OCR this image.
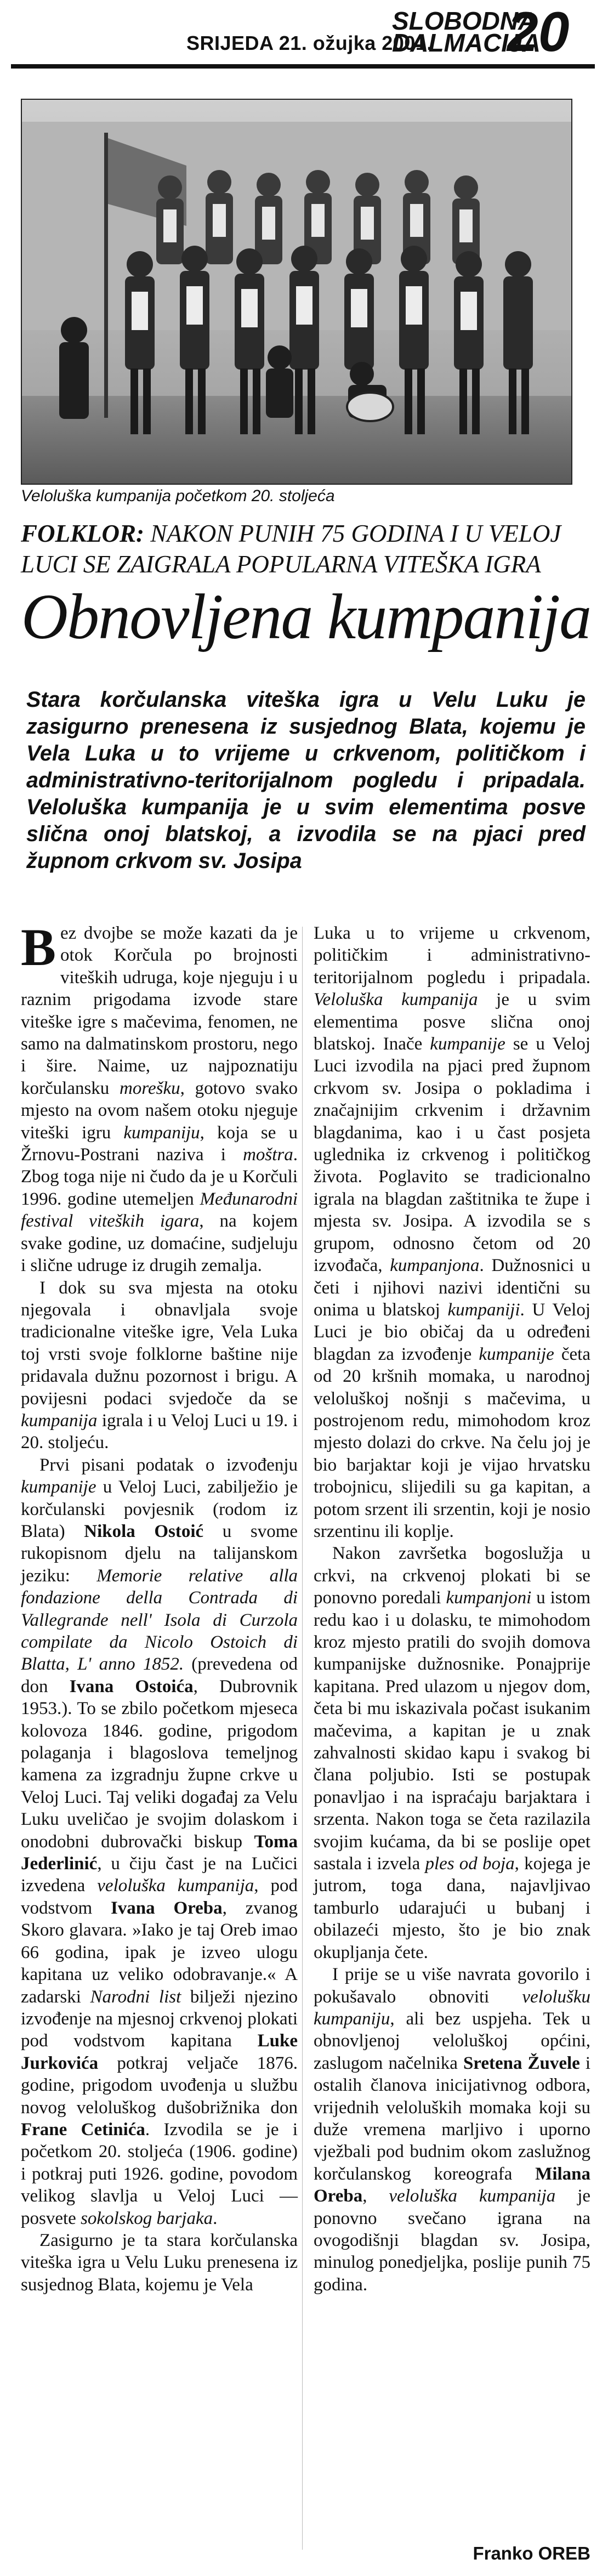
SRIJEDA 21. ožujka 2001.
SLOBODNA
DALMACIJA
20
Veloluška kumpanija početkom 20. stoljeća
FOLKLOR: NAKON PUNIH 75 GODINA I U VELOJ LUCI SE ZAIGRALA POPULARNA VITEŠKA IGRA
Obnovljena kumpanija
Stara korčulanska viteška igra u Velu Luku je zasigurno prenesena iz susjednog Blata, kojemu je Vela Luka u to vrijeme u crkvenom, političkom i administrativno-teritorijalnom pogledu i pripadala. Veloluška kumpanija je u svim elementima posve slična onoj blatskoj, a izvodila se na pjaci pred župnom crkvom sv. Josipa

Bez dvojbe se može kazati da je otok Korčula po brojnosti viteških udruga, koje njeguju i u raznim prigodama izvode stare viteške igre s mačevima, fenomen, ne samo na dalmatinskom prostoru, nego i šire. Naime, uz najpoznatiju korčulansku morešku, gotovo svako mjesto na ovom našem otoku njeguje viteški igru kumpaniju, koja se u Žrnovu-Postrani naziva i moštra. Zbog toga nije ni čudo da je u Korčuli 1996. godine utemeljen Međunarodni festival viteških igara, na kojem svake godine, uz domaćine, sudjeluju i slične udruge iz drugih zemalja.

I dok su sva mjesta na otoku njegovala i obnavljala svoje tradicionalne viteške igre, Vela Luka toj vrsti svoje folklorne baštine nije pridavala dužnu pozornost i brigu. A povijesni podaci svjedoče da se kumpanija igrala i u Veloj Luci u 19. i 20. stoljeću.

Prvi pisani podatak o izvođenju kumpanije u Veloj Luci, zabilježio je korčulanski povjesnik (rodom iz Blata) Nikola Ostoić u svome rukopisnom djelu na talijanskom jeziku: Memorie relative alla fondazione della Contrada di Vallegrande nell' Isola di Curzola compilate da Nicolo Ostoich di Blatta, L' anno 1852. (prevedena od don Ivana Ostoića, Dubrovnik 1953.). To se zbilo početkom mjeseca kolovoza 1846. godine, prigodom polaganja i blagoslova temeljnog kamena za izgradnju župne crkve u Veloj Luci. Taj veliki događaj za Velu Luku uveličao je svojim dolaskom i onodobni dubrovački biskup Toma Jederlinić, u čiju čast je na Lučici izvedena veloluška kumpanija, pod vodstvom Ivana Oreba, zvanog Skoro glavara. »Iako je taj Oreb imao 66 godina, ipak je izveo ulogu kapitana uz veliko odobravanje.« A zadarski Narodni list bilježi njezino izvođenje na mjesnoj crkvenoj plokati pod vodstvom kapitana Luke Jurkovića potkraj veljače 1876. godine, prigodom uvođenja u službu novog veloluškog dušobrižnika don Frane Cetinića. Izvodila se je i početkom 20. stoljeća (1906. godine) i potkraj puti 1926. godine, povodom velikog slavlja u Veloj Luci — posvete sokolskog barjaka.

Zasigurno je ta stara korčulanska viteška igra u Velu Luku prenesena iz susjednog Blata, kojemu je Vela

Luka u to vrijeme u crkvenom, političkim i administrativno-teritorijalnom pogledu i pripadala. Veloluška kumpanija je u svim elementima posve slična onoj blatskoj. Inače kumpanije se u Veloj Luci izvodila na pjaci pred župnom crkvom sv. Josipa o pokladima i značajnijim crkvenim i državnim blagdanima, kao i u čast posjeta uglednika iz crkvenog i političkog života. Poglavito se tradicionalno igrala na blagdan zaštitnika te župe i mjesta sv. Josipa. A izvodila se s grupom, odnosno četom od 20 izvođača, kumpanjona. Dužnosnici u četi i njihovi nazivi identični su onima u blatskoj kumpaniji. U Veloj Luci je bio običaj da u određeni blagdan za izvođenje kumpanije četa od 20 kršnih momaka, u narodnoj veloluškoj nošnji s mačevima, u postrojenom redu, mimohodom kroz mjesto dolazi do crkve. Na čelu joj je bio barjaktar koji je vijao hrvatsku trobojnicu, slijedili su ga kapitan, a potom srzent ili srzentin, koji je nosio srzentinu ili koplje.

Nakon završetka bogoslužja u crkvi, na crkvenoj plokati bi se ponovno poredali kumpanjoni u istom redu kao i u dolasku, te mimohodom kroz mjesto pratili do svojih domova kumpanijske dužnosnike. Ponajprije kapitana. Pred ulazom u njegov dom, četa bi mu iskazivala počast isukanim mačevima, a kapitan je u znak zahvalnosti skidao kapu i svakog bi člana poljubio. Isti se postupak ponavljao i na ispraćaju barjaktara i srzenta. Nakon toga se četa razilazila svojim kućama, da bi se poslije opet sastala i izvela ples od boja, kojega je jutrom, toga dana, najavljivao tamburlo udarajući u bubanj i obilazeći mjesto, što je bio znak okupljanja čete.

I prije se u više navrata govorilo i pokušavalo obnoviti velolušku kumpaniju, ali bez uspjeha. Tek u obnovljenoj veloluškoj općini, zaslugom načelnika Sretena Žuvele i ostalih članova inicijativnog odbora, vrijednih veloluških momaka koji su duže vremena marljivo i uporno vježbali pod budnim okom zaslužnog korčulanskog koreografa Milana Oreba, veloluška kumpanija je ponovno svečano igrana na ovogodišnji blagdan sv. Josipa, minulog ponedjeljka, poslije punih 75 godina.

Franko OREB
